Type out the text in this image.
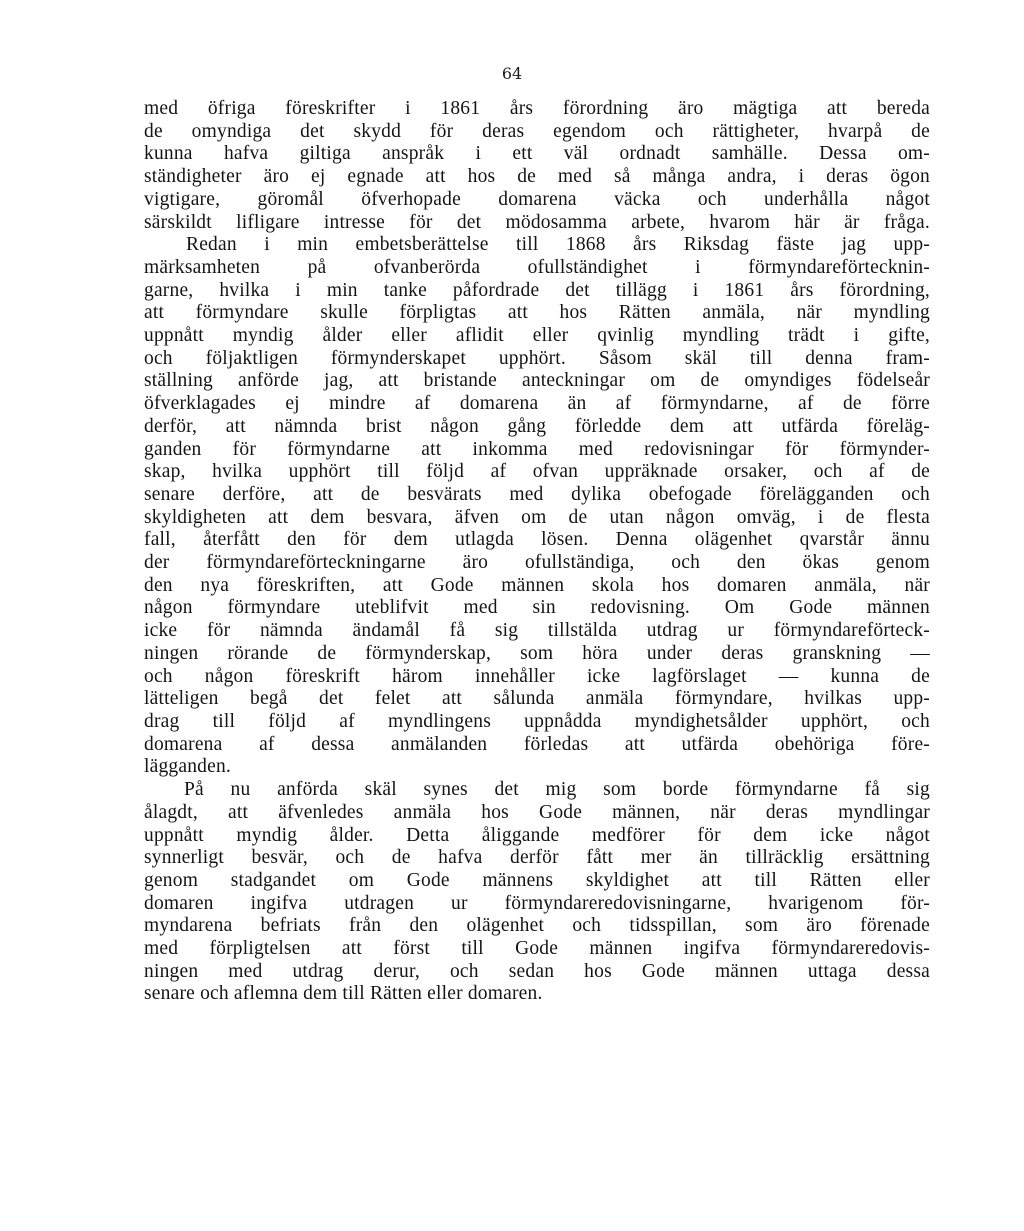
64
med öfriga föreskrifter i 1861 års förordning äro mägtiga att bereda
de omyndiga det skydd för deras egendom och rättigheter, hvarpå de
kunna hafva giltiga anspråk i ett väl ordnadt samhälle. Dessa om-
ständigheter äro ej egnade att hos de med så många andra, i deras ögon
vigtigare, göromål öfverhopade domarena väcka och underhålla något
särskildt lifligare intresse för det mödosamma arbete, hvarom här är fråga.
Redan i min embetsberättelse till 1868 års Riksdag fäste jag upp-
märksamheten på ofvanberörda ofullständighet i förmyndareförtecknin-
garne, hvilka i min tanke påfordrade det tillägg i 1861 års förordning,
att förmyndare skulle förpligtas att hos Rätten anmäla, när myndling
uppnått myndig ålder eller aflidit eller qvinlig myndling trädt i gifte,
och följaktligen förmynderskapet upphört. Såsom skäl till denna fram-
ställning anförde jag, att bristande anteckningar om de omyndiges födelseår
öfverklagades ej mindre af domarena än af förmyndarne, af de förre
derför, att nämnda brist någon gång förledde dem att utfärda föreläg-
ganden för förmyndarne att inkomma med redovisningar för förmynder-
skap, hvilka upphört till följd af ofvan uppräknade orsaker, och af de
senare derföre, att de besvärats med dylika obefogade förelägganden och
skyldigheten att dem besvara, äfven om de utan någon omväg, i de flesta
fall, återfått den för dem utlagda lösen. Denna olägenhet qvarstår ännu
der förmyndareförteckningarne äro ofullständiga, och den ökas genom
den nya föreskriften, att Gode männen skola hos domaren anmäla, när
någon förmyndare uteblifvit med sin redovisning. Om Gode männen
icke för nämnda ändamål få sig tillstälda utdrag ur förmyndareförteck-
ningen rörande de förmynderskap, som höra under deras granskning —
och någon föreskrift härom innehåller icke lagförslaget — kunna de
lätteligen begå det felet att sålunda anmäla förmyndare, hvilkas upp-
drag till följd af myndlingens uppnådda myndighetsålder upphört, och
domarena af dessa anmälanden förledas att utfärda obehöriga före-
lägganden.
På nu anförda skäl synes det mig som borde förmyndarne få sig
ålagdt, att äfvenledes anmäla hos Gode männen, när deras myndlingar
uppnått myndig ålder. Detta åliggande medförer för dem icke något
synnerligt besvär, och de hafva derför fått mer än tillräcklig ersättning
genom stadgandet om Gode männens skyldighet att till Rätten eller
domaren ingifva utdragen ur förmyndareredovisningarne, hvarigenom för-
myndarena befriats från den olägenhet och tidsspillan, som äro förenade
med förpligtelsen att först till Gode männen ingifva förmyndareredovis-
ningen med utdrag derur, och sedan hos Gode männen uttaga dessa
senare och aflemna dem till Rätten eller domaren.
